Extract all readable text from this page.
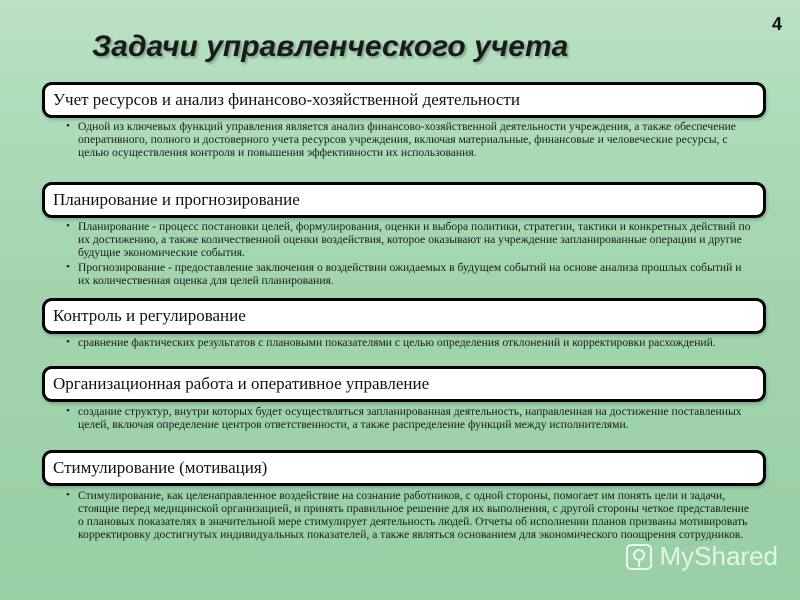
4
Задачи управленческого учета
Учет ресурсов и анализ финансово-хозяйственной деятельности

• Одной из ключевых функций управления является анализ финансово-хозяйственной деятельности учреждения, а также обеспечение оперативного, полного и достоверного учета ресурсов учреждения, включая материальные, финансовые и человеческие ресурсы, с целью осуществления контроля и повышения эффективности их использования.

Планирование и прогнозирование

• Планирование - процесс постановки целей, формулирования, оценки и выбора политики, стратегии, тактики и конкретных действий по их достижению, а также количественной оценки воздействия, которое оказывают на учреждение запланированные операции и другие будущие экономические события.

• Прогнозирование - предоставление заключения о воздействии ожидаемых в будущем событий на основе анализа прошлых событий и их количественная оценка для целей планирования.

Контроль и регулирование

• сравнение фактических результатов с плановыми показателями с целью определения отклонений и корректировки расхождений.

Организационная работа и оперативное управление

• создание структур, внутри которых будет осуществляться запланированная деятельность, направленная на достижение поставленных целей, включая определение центров ответственности, а также распределение функций между исполнителями.

Стимулирование (мотивация)

• Стимулирование, как целенаправленное воздействие на сознание работников, с одной стороны, помогает им понять цели и задачи, стоящие перед медицинской организацией, и принять правильное решение для их выполнения, с другой стороны четкое представление о плановых показателях в значительной мере стимулирует деятельность людей. Отчеты об исполнении планов призваны мотивировать корректировку достигнутых индивидуальных показателей, а также являться основанием для экономического поощрения сотрудников.

MyShared
